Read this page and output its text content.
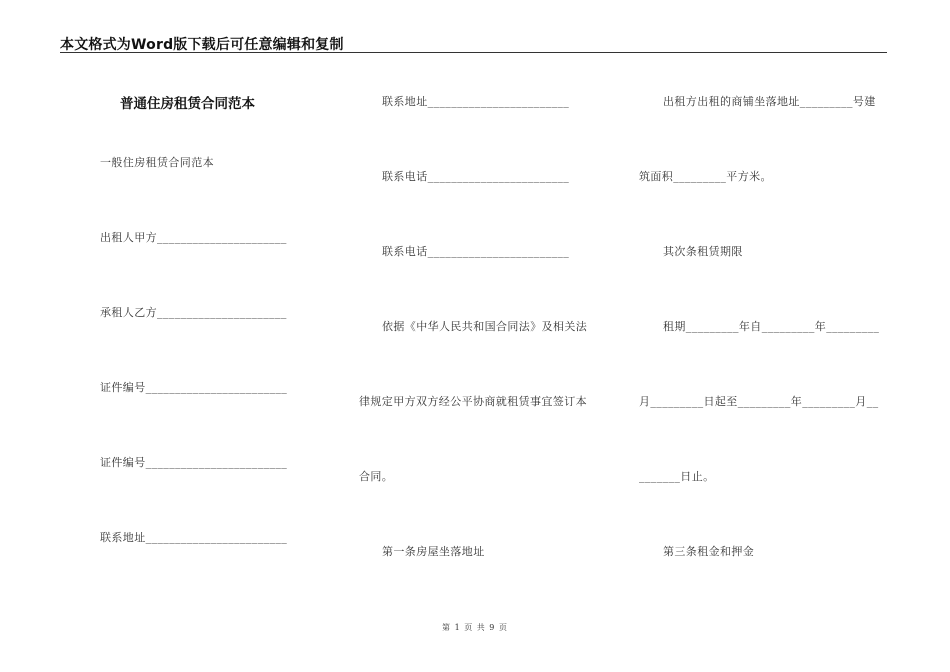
本文格式为Word版下载后可任意编辑和复制
普通住房租赁合同范本
一般住房租赁合同范本
出租人甲方______________________
承租人乙方______________________
证件编号________________________
证件编号________________________
联系地址________________________
联系地址________________________
联系电话________________________
联系电话________________________
依据《中华人民共和国合同法》及相关法
律规定甲方双方经公平协商就租赁事宜签订本
合同。
第一条房屋坐落地址
出租方出租的商铺坐落地址_________号建
筑面积_________平方米。
其次条租赁期限
租期_________年自_________年_________
月_________日起至_________年_________月__
_______日止。
第三条租金和押金
第 1 页 共 9 页
